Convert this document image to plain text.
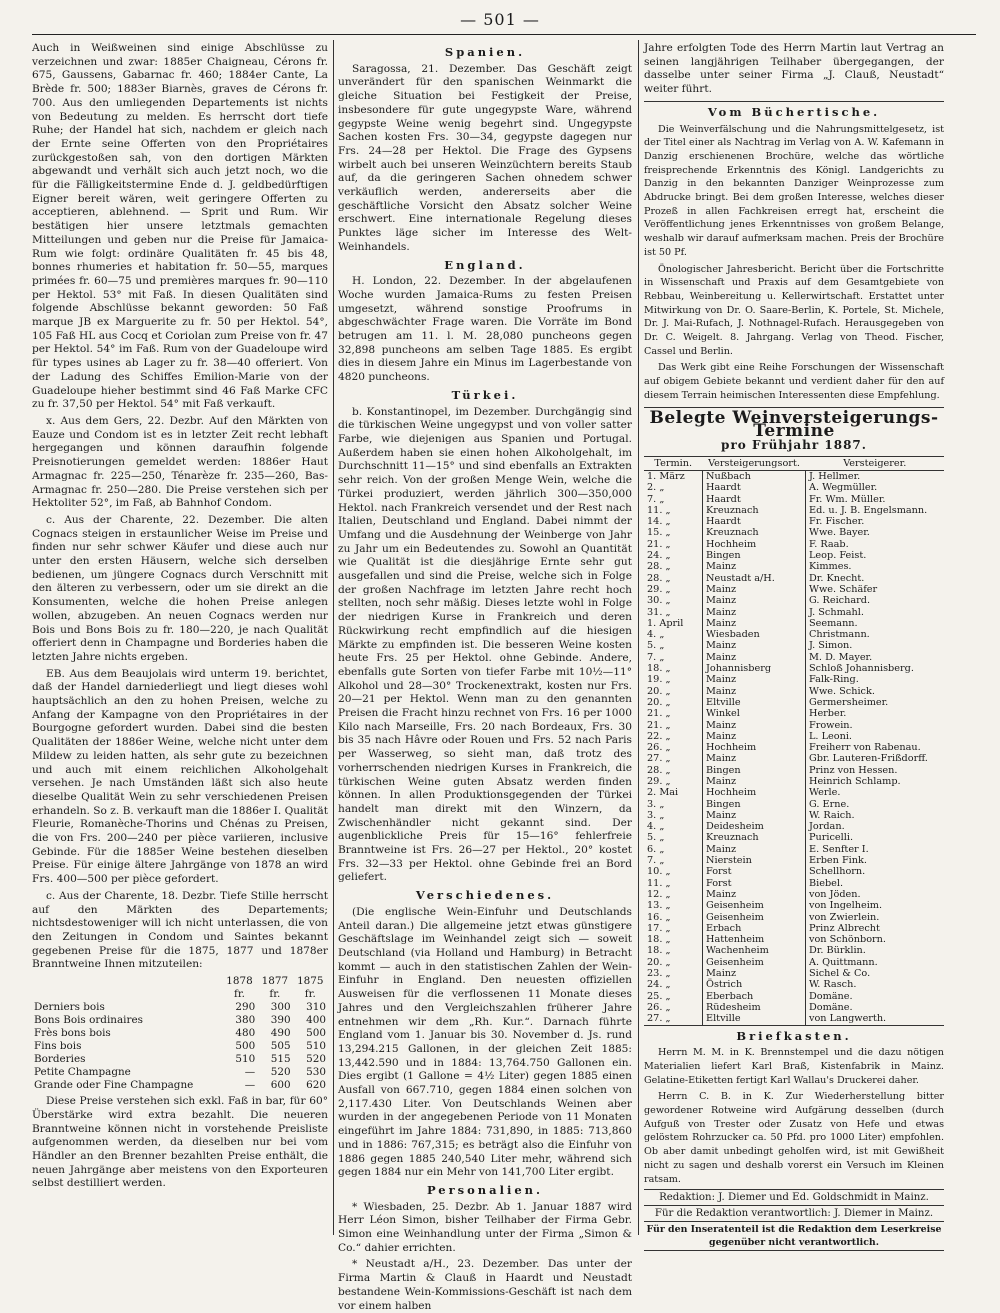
— 501 —

Auch in Weißweinen sind einige Abschlüsse zu verzeichnen und zwar: 1885er Chaigneau, Cérons fr. 675, Gaussens, Gabarnac fr. 460; 1884er Cante, La Brède fr. 500; 1883er Biarnès, graves de Cérons fr. 700. Aus den umliegenden Departements ist nichts von Bedeutung zu melden. Es herrscht dort tiefe Ruhe; der Handel hat sich, nachdem er gleich nach der Ernte seine Offerten von den Propriétaires zurückgestoßen sah, von den dortigen Märkten abgewandt und verhält sich auch jetzt noch, wo die für die Fälligkeitstermine Ende d. J. geldbedürftigen Eigner bereit wären, weit geringere Offerten zu acceptieren, ablehnend. — Sprit und Rum. Wir bestätigen hier unsere letztmals gemachten Mitteilungen und geben nur die Preise für Jamaica-Rum wie folgt: ordinäre Qualitäten fr. 45 bis 48, bonnes rhumeries et habitation fr. 50—55, marques primées fr. 60—75 und premières marques fr. 90—110 per Hektol. 53° mit Faß. In diesen Qualitäten sind folgende Abschlüsse bekannt geworden: 50 Faß marque JB ex Marguerite zu fr. 50 per Hektol. 54°, 105 Faß HL aus Cocq et Coriolan zum Preise von fr. 47 per Hektol. 54° im Faß. Rum von der Guadeloupe wird für types usines ab Lager zu fr. 38—40 offeriert. Von der Ladung des Schiffes Emilion-Marie von der Guadeloupe hieher bestimmt sind 46 Faß Marke CFC zu fr. 37,50 per Hektol. 54° mit Faß verkauft.

x. Aus dem Gers, 22. Dezbr. Auf den Märkten von Eauze und Condom ist es in letzter Zeit recht lebhaft hergegangen und können daraufhin folgende Preisnotierungen gemeldet werden: 1886er Haut Armagnac fr. 225—250, Ténarèze fr. 235—260, Bas-Armagnac fr. 250—280. Die Preise verstehen sich per Hektoliter 52°, im Faß, ab Bahnhof Condom.

c. Aus der Charente, 22. Dezember. Die alten Cognacs steigen in erstaunlicher Weise im Preise und finden nur sehr schwer Käufer und diese auch nur unter den ersten Häusern, welche sich derselben bedienen, um jüngere Cognacs durch Verschnitt mit den älteren zu verbessern, oder um sie direkt an die Konsumenten, welche die hohen Preise anlegen wollen, abzugeben. An neuen Cognacs werden nur Bois und Bons Bois zu fr. 180—220, je nach Qualität offeriert denn in Champagne und Borderies haben die letzten Jahre nichts ergeben.

EB. Aus dem Beaujolais wird unterm 19. berichtet, daß der Handel darniederliegt und liegt dieses wohl hauptsächlich an den zu hohen Preisen, welche zu Anfang der Kampagne von den Propriétaires in der Bourgogne gefordert wurden. Dabei sind die besten Qualitäten der 1886er Weine, welche nicht unter dem Mildew zu leiden hatten, als sehr gute zu bezeichnen und auch mit einem reichlichen Alkoholgehalt versehen. Je nach Umständen läßt sich also heute dieselbe Qualität Wein zu sehr verschiedenen Preisen erhandeln. So z. B. verkauft man die 1886er I. Qualität Fleurie, Romanèche-Thorins und Chénas zu Preisen, die von Frs. 200—240 per pièce variieren, inclusive Gebinde. Für die 1885er Weine bestehen dieselben Preise. Für einige ältere Jahrgänge von 1878 an wird Frs. 400—500 per pièce gefordert.

c. Aus der Charente, 18. Dezbr. Tiefe Stille herrscht auf den Märkten des Departements; nichtsdestoweniger will ich nicht unterlassen, die von den Zeitungen in Condom und Saintes bekannt gegebenen Preise für die 1875, 1877 und 1878er Branntweine Ihnen mitzuteilen:

	1878	1877	1875
	fr.	fr.	fr.
Derniers bois	290	300	310
Bons Bois ordinaires	380	390	400
Frès bons bois	480	490	500
Fins bois	500	505	510
Borderies	510	515	520
Petite Champagne	—	520	530
Grande oder Fine Champagne	—	600	620

Diese Preise verstehen sich exkl. Faß in bar, für 60° Überstärke wird extra bezahlt. Die neueren Branntweine können nicht in vorstehende Preisliste aufgenommen werden, da dieselben nur bei vom Händler an den Brenner bezahlten Preise enthält, die neuen Jahrgänge aber meistens von den Exporteuren selbst destilliert werden.

Spanien.

Saragossa, 21. Dezember. Das Geschäft zeigt unverändert für den spanischen Weinmarkt die gleiche Situation bei Festigkeit der Preise, insbesondere für gute ungegypste Ware, während gegypste Weine wenig begehrt sind. Ungegypste Sachen kosten Frs. 30—34, gegypste dagegen nur Frs. 24—28 per Hektol. Die Frage des Gypsens wirbelt auch bei unseren Weinzüchtern bereits Staub auf, da die geringeren Sachen ohnedem schwer verkäuflich werden, andererseits aber die geschäftliche Vorsicht den Absatz solcher Weine erschwert. Eine internationale Regelung dieses Punktes läge sicher im Interesse des Welt-Weinhandels.

England.

H. London, 22. Dezember. In der abgelaufenen Woche wurden Jamaica-Rums zu festen Preisen umgesetzt, während sonstige Proofrums in abgeschwächter Frage waren. Die Vorräte im Bond betrugen am 11. l. M. 28,080 puncheons gegen 32,898 puncheons am selben Tage 1885. Es ergibt dies in diesem Jahre ein Minus im Lagerbestande von 4820 puncheons.

Türkei.

b. Konstantinopel, im Dezember. Durchgängig sind die türkischen Weine ungegypst und von voller satter Farbe, wie diejenigen aus Spanien und Portugal. Außerdem haben sie einen hohen Alkoholgehalt, im Durchschnitt 11—15° und sind ebenfalls an Extrakten sehr reich. Von der großen Menge Wein, welche die Türkei produziert, werden jährlich 300—350,000 Hektol. nach Frankreich versendet und der Rest nach Italien, Deutschland und England. Dabei nimmt der Umfang und die Ausdehnung der Weinberge von Jahr zu Jahr um ein Bedeutendes zu. Sowohl an Quantität wie Qualität ist die diesjährige Ernte sehr gut ausgefallen und sind die Preise, welche sich in Folge der großen Nachfrage im letzten Jahre recht hoch stellten, noch sehr mäßig. Dieses letzte wohl in Folge der niedrigen Kurse in Frankreich und deren Rückwirkung recht empfindlich auf die hiesigen Märkte zu empfinden ist. Die besseren Weine kosten heute Frs. 25 per Hektol. ohne Gebinde. Andere, ebenfalls gute Sorten von tiefer Farbe mit 10½—11° Alkohol und 28—30° Trockenextrakt, kosten nur Frs. 20—21 per Hektol. Wenn man zu den genannten Preisen die Fracht hinzu rechnet von Frs. 16 per 1000 Kilo nach Marseille, Frs. 20 nach Bordeaux, Frs. 30 bis 35 nach Hâvre oder Rouen und Frs. 52 nach Paris per Wasserweg, so sieht man, daß trotz des vorherrschenden niedrigen Kurses in Frankreich, die türkischen Weine guten Absatz werden finden können. In allen Produktionsgegenden der Türkei handelt man direkt mit den Winzern, da Zwischenhändler nicht gekannt sind. Der augenblickliche Preis für 15—16° fehlerfreie Branntweine ist Frs. 26—27 per Hektol., 20° kostet Frs. 32—33 per Hektol. ohne Gebinde frei an Bord geliefert.

Verschiedenes.

(Die englische Wein-Einfuhr und Deutschlands Anteil daran.) Die allgemeine jetzt etwas günstigere Geschäftslage im Weinhandel zeigt sich — soweit Deutschland (via Holland und Hamburg) in Betracht kommt — auch in den statistischen Zahlen der Wein-Einfuhr in England. Den neuesten offiziellen Ausweisen für die verflossenen 11 Monate dieses Jahres und den Vergleichszahlen früherer Jahre entnehmen wir dem „Rh. Kur.“. Darnach führte England vom 1. Januar bis 30. November d. Js. rund 13,294.215 Gallonen, in der gleichen Zeit 1885: 13,442.590 und in 1884: 13,764.750 Gallonen ein. Dies ergibt (1 Gallone = 4½ Liter) gegen 1885 einen Ausfall von 667.710, gegen 1884 einen solchen von 2,117.430 Liter. Von Deutschlands Weinen aber wurden in der angegebenen Periode von 11 Monaten eingeführt im Jahre 1884: 731,890, in 1885: 713,860 und in 1886: 767,315; es beträgt also die Einfuhr von 1886 gegen 1885 240,540 Liter mehr, während sich gegen 1884 nur ein Mehr von 141,700 Liter ergibt.

Personalien.

* Wiesbaden, 25. Dezbr. Ab 1. Januar 1887 wird Herr Léon Simon, bisher Teilhaber der Firma Gebr. Simon eine Weinhandlung unter der Firma „Simon & Co.“ dahier errichten.

* Neustadt a/H., 23. Dezember. Das unter der Firma Martin & Clauß in Haardt und Neustadt bestandene Wein-Kommissions-Geschäft ist nach dem vor einem halben

Jahre erfolgten Tode des Herrn Martin laut Vertrag an seinen langjährigen Teilhaber übergegangen, der dasselbe unter seiner Firma „J. Clauß, Neustadt“ weiter führt.

Vom Büchertische.

Die Weinverfälschung und die Nahrungsmittelgesetz, ist der Titel einer als Nachtrag im Verlag von A. W. Kafemann in Danzig erschienenen Brochüre, welche das wörtliche freisprechende Erkenntnis des Königl. Landgerichts zu Danzig in den bekannten Danziger Weinprozesse zum Abdrucke bringt. Bei dem großen Interesse, welches dieser Prozeß in allen Fachkreisen erregt hat, erscheint die Veröffentlichung jenes Erkenntnisses von großem Belange, weshalb wir darauf aufmerksam machen. Preis der Brochüre ist 50 Pf.

Önologischer Jahresbericht. Bericht über die Fortschritte in Wissenschaft und Praxis auf dem Gesamtgebiete von Rebbau, Weinbereitung u. Kellerwirtschaft. Erstattet unter Mitwirkung von Dr. O. Saare-Berlin, K. Portele, St. Michele, Dr. J. Mai-Rufach, J. Nothnagel-Rufach. Herausgegeben von Dr. C. Weigelt. 8. Jahrgang. Verlag von Theod. Fischer, Cassel und Berlin.

Das Werk gibt eine Reihe Forschungen der Wissenschaft auf obigem Gebiete bekannt und verdient daher für den auf diesem Terrain heimischen Interessenten diese Empfehlung.

Belegte Weinversteigerungs-Termine
pro Frühjahr 1887.
Termin.	Versteigerungsort.	Versteigerer.
1. März	Nußbach	J. Hellmer.
2. „	Haardt	A. Wegmüller.
7. „	Haardt	Fr. Wm. Müller.
11. „	Kreuznach	Ed. u. J. B. Engelsmann.
14. „	Haardt	Fr. Fischer.
15. „	Kreuznach	Wwe. Bayer.
21. „	Hochheim	F. Raab.
24. „	Bingen	Leop. Feist.
28. „	Mainz	Kimmes.
28. „	Neustadt a/H.	Dr. Knecht.
29. „	Mainz	Wwe. Schäfer
30. „	Mainz	G. Reichard.
31. „	Mainz	J. Schmahl.
1. April	Mainz	Seemann.
4. „	Wiesbaden	Christmann.
5. „	Mainz	J. Simon.
7. „	Mainz	M. D. Mayer.
18. „	Johannisberg	Schloß Johannisberg.
19. „	Mainz	Falk-Ring.
20. „	Mainz	Wwe. Schick.
20. „	Eltville	Germersheimer.
21. „	Winkel	Herber.
21. „	Mainz	Frowein.
22. „	Mainz	L. Leoni.
26. „	Hochheim	Freiherr von Rabenau.
27. „	Mainz	Gbr. Lauteren-Frißdorff.
28. „	Bingen	Prinz von Hessen.
29. „	Mainz	Heinrich Schlamp.
2. Mai	Hochheim	Werle.
3. „	Bingen	G. Erne.
3. „	Mainz	W. Raich.
4. „	Deidesheim	Jordan.
5. „	Kreuznach	Puricelli.
6. „	Mainz	E. Senfter I.
7. „	Nierstein	Erben Fink.
10. „	Forst	Schellhorn.
11. „	Forst	Biebel.
12. „	Mainz	von Jöden.
13. „	Geisenheim	von Ingelheim.
16. „	Geisenheim	von Zwierlein.
17. „	Erbach	Prinz Albrecht
18. „	Hattenheim	von Schönborn.
18. „	Wachenheim	Dr. Bürklin.
20. „	Geisenheim	A. Quittmann.
23. „	Mainz	Sichel & Co.
24. „	Östrich	W. Rasch.
25. „	Eberbach	Domäne.
26. „	Rüdesheim	Domäne.
27. „	Eltville	von Langwerth.
Briefkasten.

Herrn M. M. in K. Brennstempel und die dazu nötigen Materialien liefert Karl Braß, Kistenfabrik in Mainz. Gelatine-Etiketten fertigt Karl Wallau's Druckerei daher.

Herrn C. B. in K. Zur Wiederherstellung bitter gewordener Rotweine wird Aufgärung desselben (durch Aufguß von Trester oder Zusatz von Hefe und etwas gelöstem Rohrzucker ca. 50 Pfd. pro 1000 Liter) empfohlen. Ob aber damit unbedingt geholfen wird, ist mit Gewißheit nicht zu sagen und deshalb vorerst ein Versuch im Kleinen ratsam.

Redaktion: J. Diemer und Ed. Goldschmidt in Mainz.
Für die Redaktion verantwortlich: J. Diemer in Mainz.
Für den Inseratenteil ist die Redaktion dem Leserkreise gegenüber nicht verantwortlich.
